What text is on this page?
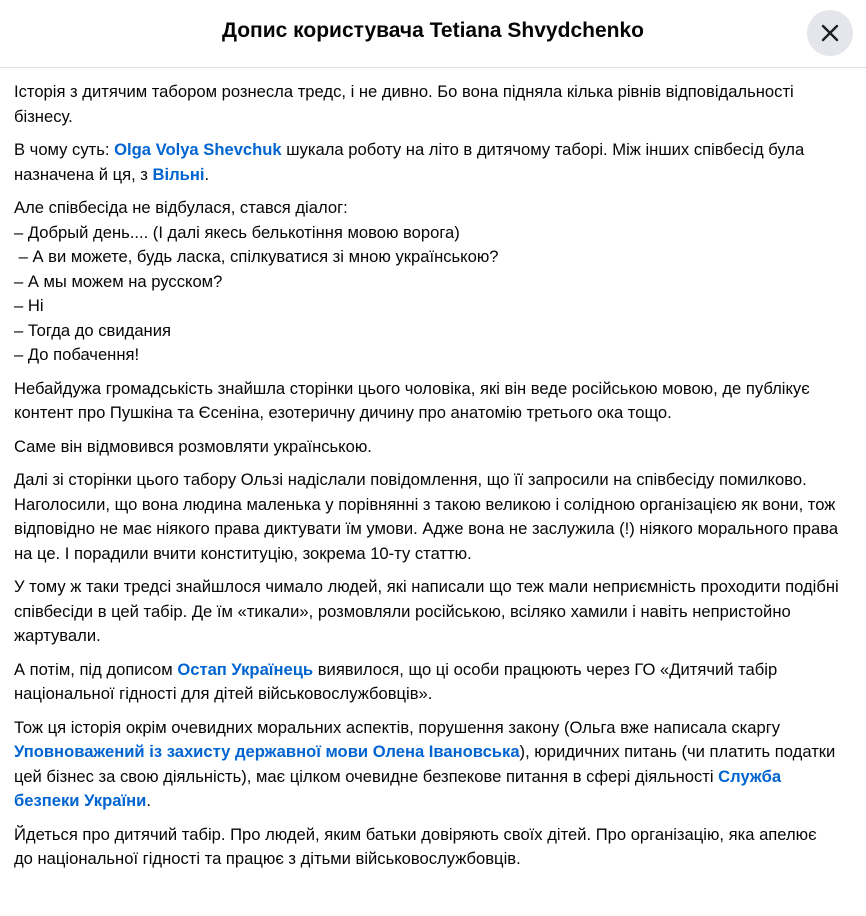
Допис користувача Tetiana Shvydchenko

Історія з дитячим табором рознесла тредс, і не дивно. Бо вона підняла кілька рівнів відповідальності бізнесу.

В чому суть: Olga Volya Shevchuk шукала роботу на літо в дитячому таборі. Між інших співбесід була назначена й ця, з Вільні.

Але співбесіда не відбулася, стався діалог:
– Добрый день.... (І далі якесь белькотіння мовою ворога)
– А ви можете, будь ласка, спілкуватися зі мною українською?
– А мы можем на русском?
– Ні
– Тогда до свидания
– До побачення!

Небайдужа громадськість знайшла сторінки цього чоловіка, які він веде російською мовою, де публікує контент про Пушкіна та Єсеніна, езотеричну дичину про анатомію третього ока тощо.

Саме він відмовився розмовляти українською.

Далі зі сторінки цього табору Ользі надіслали повідомлення, що її запросили на співбесіду помилково. Наголосили, що вона людина маленька у порівнянні з такою великою і солідною організацією як вони, тож відповідно не має ніякого права диктувати їм умови. Адже вона не заслужила (!) ніякого морального права на це. І порадили вчити конституцію, зокрема 10-ту статтю.

У тому ж таки тредсі знайшлося чимало людей, які написали що теж мали неприємність проходити подібні співбесіди в цей табір. Де їм «тикали», розмовляли російською, всіляко хамили і навіть непристойно жартували.

А потім, під дописом Остап Українець виявилося, що ці особи працюють через ГО «Дитячий табір національної гідності для дітей військовослужбовців».

Тож ця історія окрім очевидних моральних аспектів, порушення закону (Ольга вже написала скаргу Уповноважений із захисту державної мови Олена Івановська), юридичних питань (чи платить податки цей бізнес за свою діяльність), має цілком очевидне безпекове питання в сфері діяльності Служба безпеки України.

Йдеться про дитячий табір. Про людей, яким батьки довіряють своїх дітей. Про організацію, яка апелює до національної гідності та працює з дітьми військовослужбовців.
